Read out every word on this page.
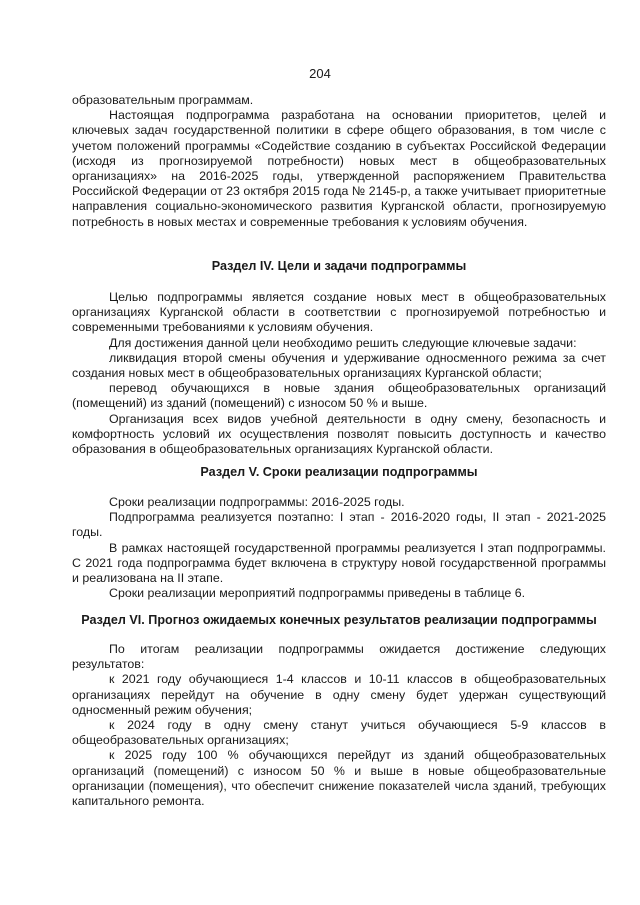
204

образовательным программам.

Настоящая подпрограмма разработана на основании приоритетов, целей и ключевых задач государственной политики в сфере общего образования, в том числе с учетом положений программы «Содействие созданию в субъектах Российской Федерации (исходя из прогнозируемой потребности) новых мест в общеобразовательных организациях» на 2016-2025 годы, утвержденной распоряжением Правительства Российской Федерации от 23 октября 2015 года № 2145-р, а также учитывает приоритетные направления социально-экономического развития Курганской области, прогнозируемую потребность в новых местах и современные требования к условиям обучения.

Раздел IV. Цели и задачи подпрограммы

Целью подпрограммы является создание новых мест в общеобразовательных организациях Курганской области в соответствии с прогнозируемой потребностью и современными требованиями к условиям обучения.

Для достижения данной цели необходимо решить следующие ключевые задачи:

ликвидация второй смены обучения и удерживание односменного режима за счет создания новых мест в общеобразовательных организациях Курганской области;

перевод обучающихся в новые здания общеобразовательных организаций (помещений) из зданий (помещений) с износом 50 % и выше.

Организация всех видов учебной деятельности в одну смену, безопасность и комфортность условий их осуществления позволят повысить доступность и качество образования в общеобразовательных организациях Курганской области.

Раздел V. Сроки реализации подпрограммы

Сроки реализации подпрограммы: 2016-2025 годы.

Подпрограмма реализуется поэтапно: I этап - 2016-2020 годы, II этап - 2021-2025 годы.

В рамках настоящей государственной программы реализуется I этап подпрограммы. С 2021 года подпрограмма будет включена в структуру новой государственной программы и реализована на II этапе.

Сроки реализации мероприятий подпрограммы приведены в таблице 6.

Раздел VI. Прогноз ожидаемых конечных результатов реализации подпрограммы

По итогам реализации подпрограммы ожидается достижение следующих результатов:

к 2021 году обучающиеся 1-4 классов и 10-11 классов в общеобразовательных организациях перейдут на обучение в одну смену будет удержан существующий односменный режим обучения;

к 2024 году в одну смену станут учиться обучающиеся 5-9 классов в общеобразовательных организациях;

к 2025 году 100 % обучающихся перейдут из зданий общеобразовательных организаций (помещений) с износом 50 % и выше в новые общеобразовательные организации (помещения), что обеспечит снижение показателей числа зданий, требующих капитального ремонта.
